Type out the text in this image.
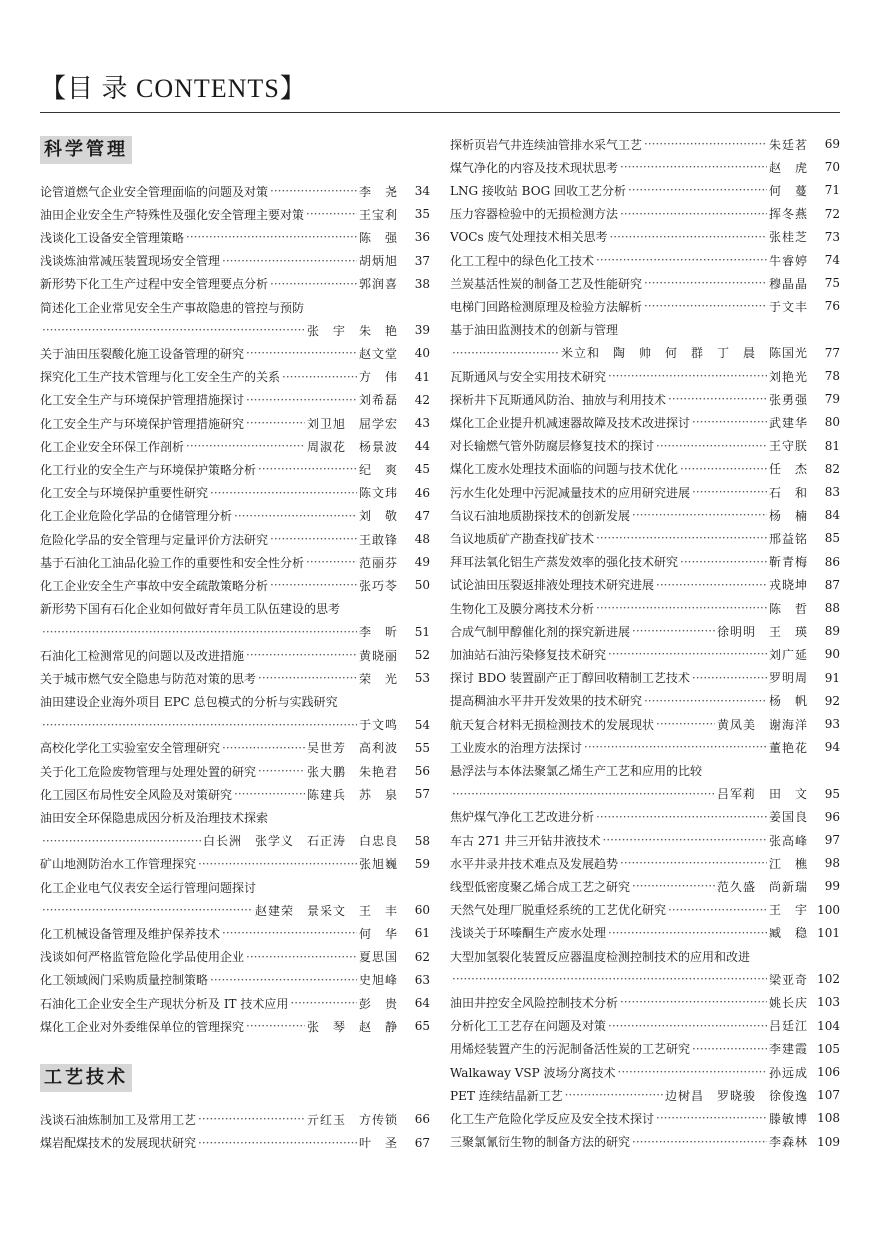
【目 录 CONTENTS】
科学管理
论管道燃气企业安全管理面临的问题及对策 ·····	李　尧	34
油田企业安全生产特殊性及强化安全管理主要对策 ·····	王宝利	35
浅谈化工设备安全管理策略 ·····	陈　强	36
浅谈炼油常减压装置现场安全管理 ·····	胡炳旭	37
新形势下化工生产过程中安全管理要点分析 ·····	郭润喜	38
简述化工企业常见安全生产事故隐患的管控与预防
·····
张　宇　朱　艳	39
关于油田压裂酸化施工设备管理的研究 ·····	赵文堂	40
探究化工生产技术管理与化工安全生产的关系 ·····	方　伟	41
化工安全生产与环境保护管理措施探讨 ·····	刘希磊	42
化工安全生产与环境保护管理措施研究 ·····	刘卫旭　屈学宏	43
化工企业安全环保工作剖析 ·····	周淑花　杨景波	44
化工行业的安全生产与环境保护策略分析 ·····	纪　爽	45
化工安全与环境保护重要性研究 ·····	陈文玮	46
化工企业危险化学品的仓储管理分析 ·····	刘　敬	47
危险化学品的安全管理与定量评价方法研究 ·····	王敢锋	48
基于石油化工油品化验工作的重要性和安全性分析 ·····	范丽芬	49
化工企业安全生产事故中安全疏散策略分析 ·····	张巧苓	50
新形势下国有石化企业如何做好青年员工队伍建设的思考
·····
李　昕	51
石油化工检测常见的问题以及改进措施 ·····	黄晓丽	52
关于城市燃气安全隐患与防范对策的思考 ·····	荣　光	53
油田建设企业海外项目 EPC 总包模式的分析与实践研究
·····
于文鸣	54
高校化学化工实验室安全管理研究 ·····	吴世芳　高利波	55
关于化工危险废物管理与处理处置的研究 ·····	张大鹏　朱艳君	56
化工园区布局性安全风险及对策研究 ·····	陈建兵　苏　泉	57
油田安全环保隐患成因分析及治理技术探索
·····
白长洲　张学义　石正涛　白忠良	58
矿山地测防治水工作管理探究 ·····	张旭巍	59
化工企业电气仪表安全运行管理问题探讨
·····
赵建荣　景采文　王　丰	60
化工机械设备管理及维护保养技术 ·····	何　华	61
浅谈如何严格监管危险化学品使用企业 ·····	夏思国	62
化工领域阀门采购质量控制策略 ·····	史旭峰	63
石油化工企业安全生产现状分析及 IT 技术应用 ·····	彭　贵	64
煤化工企业对外委维保单位的管理探究 ·····	张　琴　赵　静	65
工艺技术
浅谈石油炼制加工及常用工艺 ·····	亓红玉　方传锁	66
煤岩配煤技术的发展现状研究 ·····	叶　圣	67
探析页岩气井连续油管排水采气工艺 ·····	朱廷茗	69
煤气净化的内容及技术现状思考 ·····	赵　虎	70
LNG 接收站 BOG 回收工艺分析 ·····	何　蔓	71
压力容器检验中的无损检测方法 ·····	挥冬燕	72
VOCs 废气处理技术相关思考 ·····	张桂芝	73
化工工程中的绿色化工技术 ·····	牛睿婷	74
兰炭基活性炭的制备工艺及性能研究 ·····	穆晶晶	75
电梯门回路检测原理及检验方法解析 ·····	于文丰	76
基于油田监测技术的创新与管理
·····
米立和　陶　帅　何　群　丁　晨　陈国光	77
瓦斯通风与安全实用技术研究 ·····	刘艳光	78
探析井下瓦斯通风防治、抽放与利用技术 ·····	张勇强	79
煤化工企业提升机减速器故障及技术改进探讨 ·····	武建华	80
对长输燃气管外防腐层修复技术的探讨 ·····	王守朕	81
煤化工废水处理技术面临的问题与技术优化 ·····	任　杰	82
污水生化处理中污泥减量技术的应用研究进展 ·····	石　和	83
刍议石油地质勘探技术的创新发展 ·····	杨　楠	84
刍议地质矿产勘查找矿技术 ·····	邢益铭	85
拜耳法氧化铝生产蒸发效率的强化技术研究 ·····	靳青梅	86
试论油田压裂返排液处理技术研究进展 ·····	戎晓坤	87
生物化工及膜分离技术分析 ·····	陈　哲	88
合成气制甲醇催化剂的探究新进展 ·····	徐明明　王　瑛	89
加油站石油污染修复技术研究 ·····	刘广延	90
探讨 BDO 装置副产正丁醇回收精制工艺技术 ·····	罗明周	91
提高稠油水平井开发效果的技术研究 ·····	杨　帆	92
航天复合材料无损检测技术的发展现状 ·····	黄凤美　谢海洋	93
工业废水的治理方法探讨 ·····	董艳花	94
悬浮法与本体法聚氯乙烯生产工艺和应用的比较
·····
吕军莉　田　文	95
焦炉煤气净化工艺改进分析 ·····	姜国良	96
车古 271 井三开钻井液技术 ·····	张高峰	97
水平井录井技术难点及发展趋势 ·····	江　樵	98
线型低密度聚乙烯合成工艺之研究 ·····	范久盛　尚新瑞	99
天然气处理厂脱重烃系统的工艺优化研究 ·····	王　宇 100
浅谈关于环嗪酮生产废水处理 ·····	臧　稳 101
大型加氢裂化装置反应器温度检测控制技术的应用和改进
·····
梁亚奇 102
油田井控安全风险控制技术分析 ·····	姚长庆 103
分析化工工艺存在问题及对策 ·····	吕廷江 104
用烯烃装置产生的污泥制备活性炭的工艺研究 ·····	李建霞 105
Walkaway VSP 波场分离技术 ·····	孙远成 106
PET 连续结晶新工艺 ·····	边树昌　罗晓骏　徐俊逸 107
化工生产危险化学反应及安全技术探讨 ·····	滕敏博 108
三聚氯氰衍生物的制备方法的研究 ·····	李森林 109
